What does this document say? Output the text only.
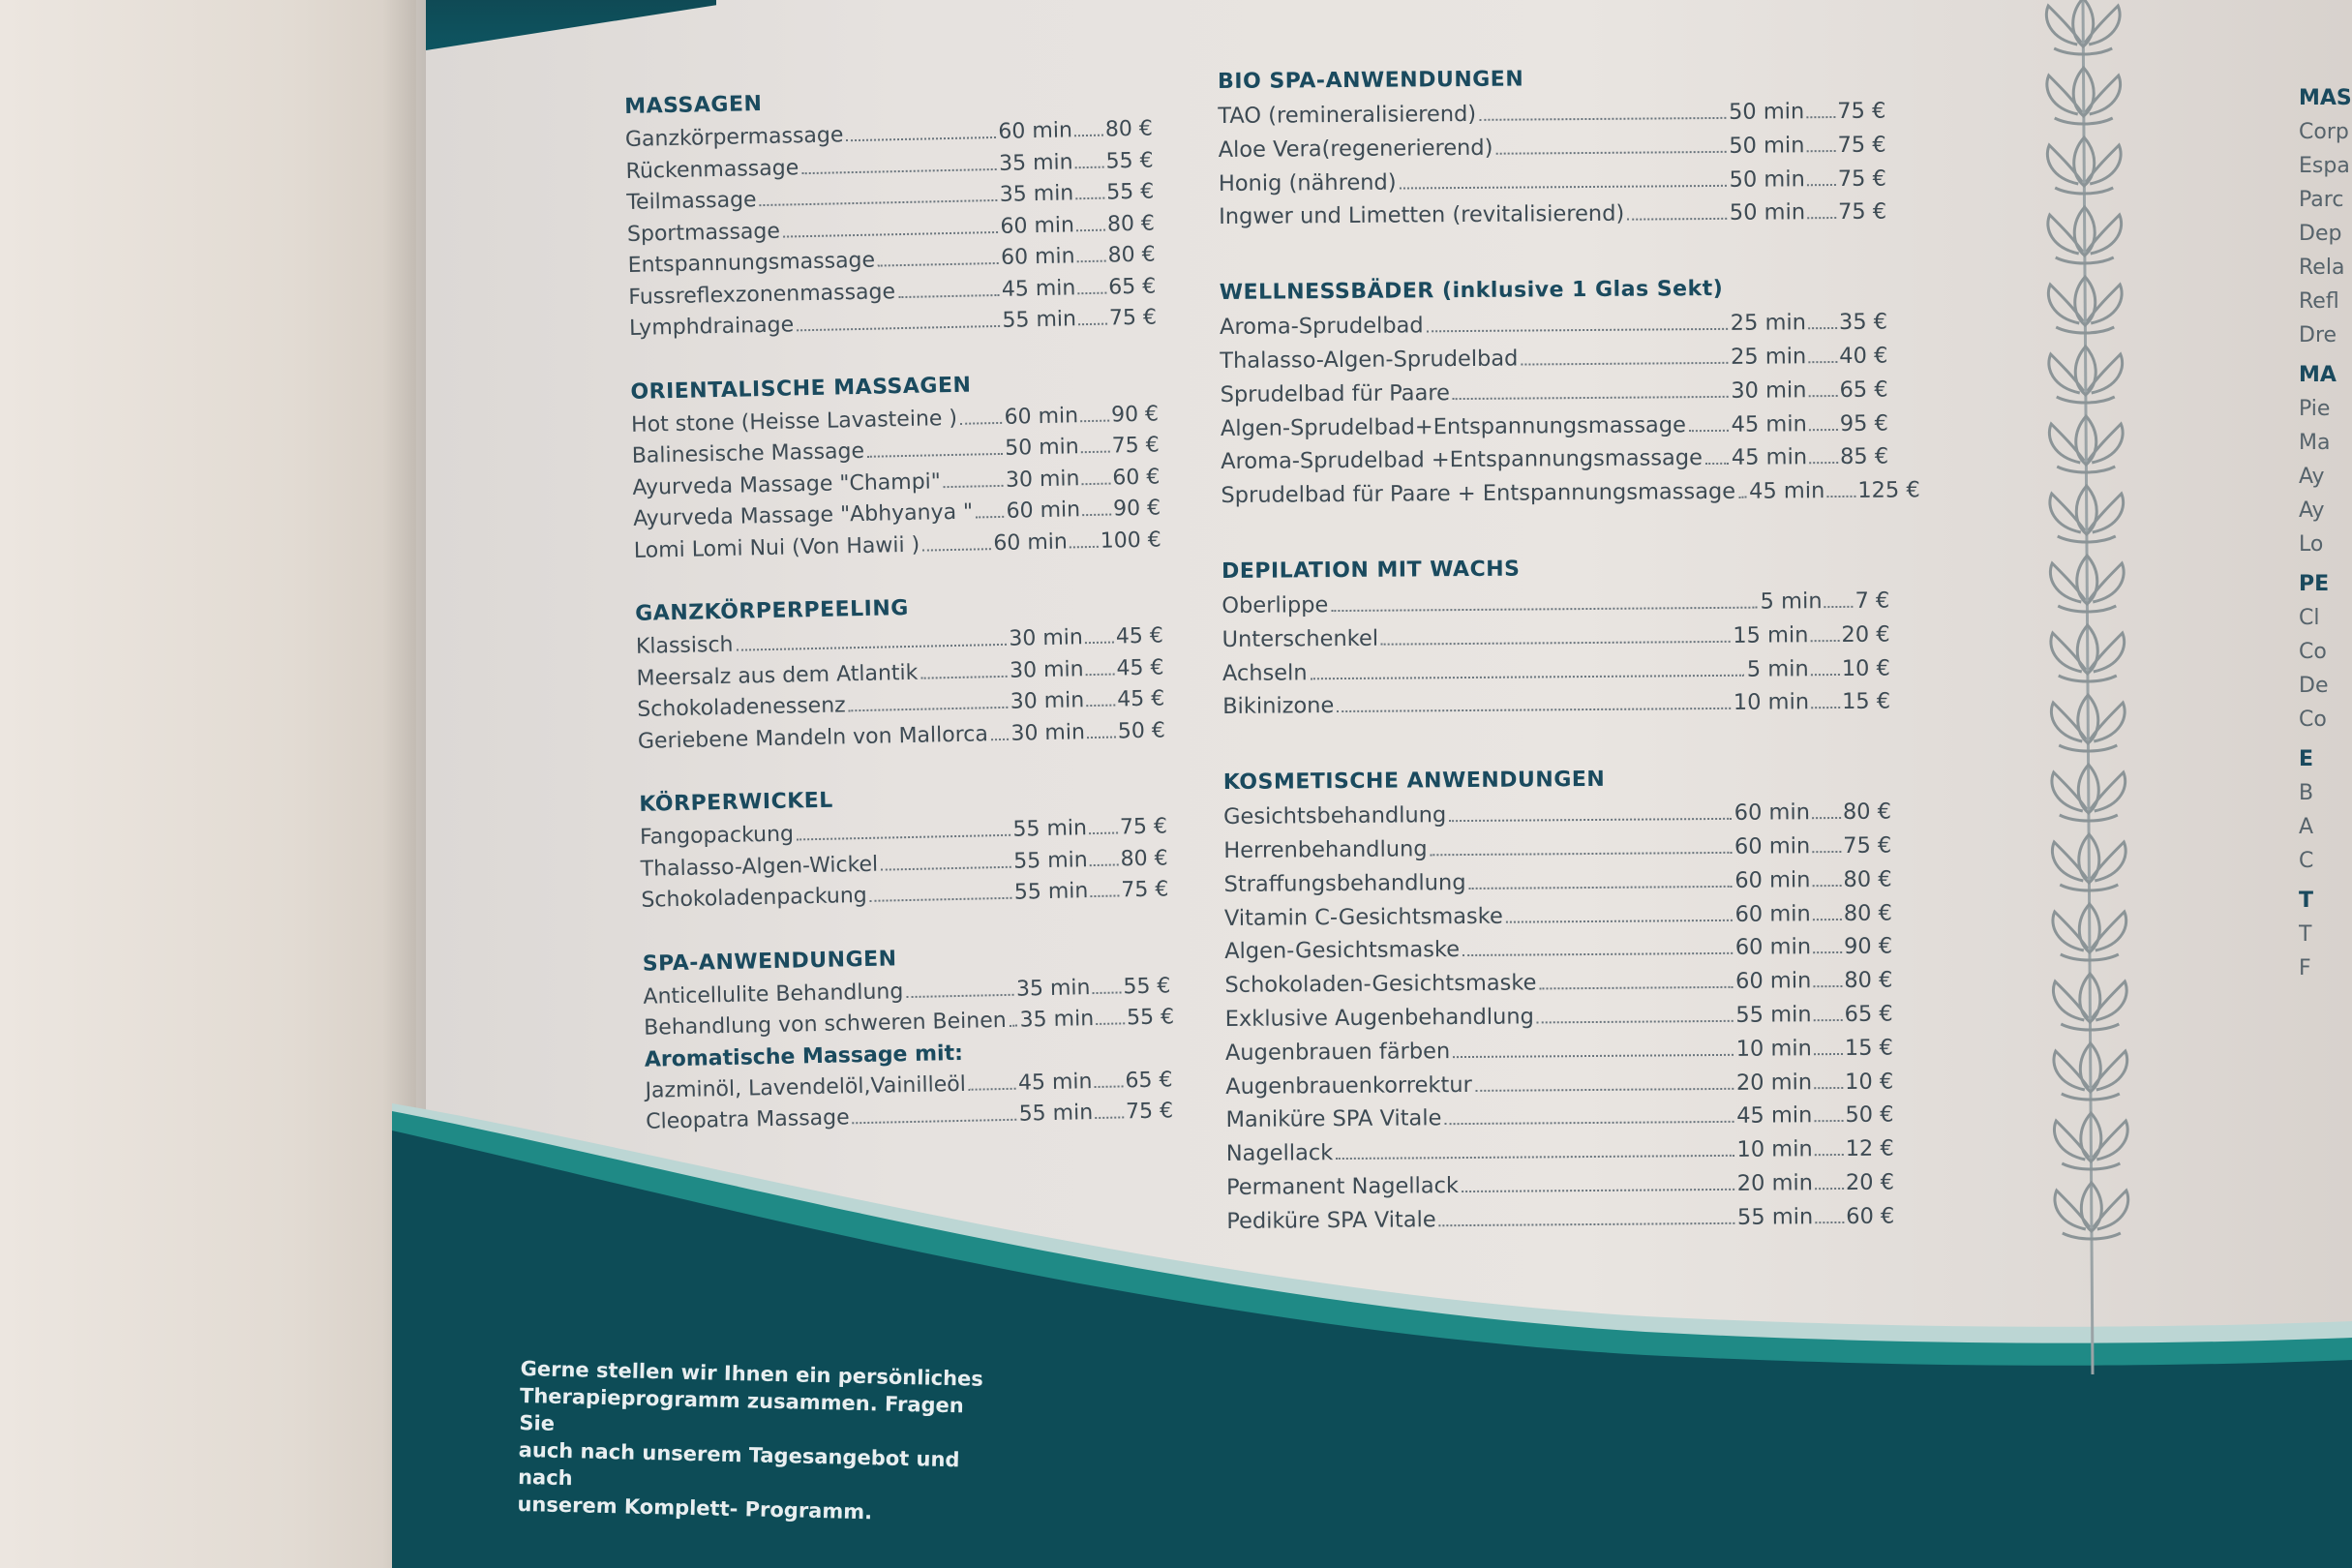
MASSAGEN
Ganzkörpermassage	60 min 80 €
Rückenmassage	35 min 55 €
Teilmassage	35 min 55 €
Sportmassage	60 min 80 €
Entspannungsmassage	60 min 80 €
Fussreflexzonenmassage	45 min 65 €
Lymphdrainage	55 min 75 €
ORIENTALISCHE MASSAGEN
Hot stone (Heisse Lavasteine ) 60 min 90 €
Balinesische Massage	50 min 75 €
Ayurveda Massage "Champi"	30 min 60 €
Ayurveda Massage "Abhyanya " 60 min 90 €
Lomi Lomi Nui (Von Hawii )	60 min 100 €
GANZKÖRPERPEELING
Klassisch	30 min 45 €
Meersalz aus dem Atlantik	30 min 45 €
Schokoladenessenz	30 min 45 €
Geriebene Mandeln von Mallorca 30 min 50 €
KÖRPERWICKEL
Fangopackung	55 min 75 €
Thalasso-Algen-Wickel	55 min 80 €
Schokoladenpackung	55 min 75 €
SPA-ANWENDUNGEN
Anticellulite Behandlung	35 min 55 €
Behandlung von schweren Beinen 35 min 55 €
Aromatische Massage mit:
Jazminöl, Lavendelöl,Vainilleöl 45 min 65 €
Cleopatra Massage	55 min 75 €
BIO SPA-ANWENDUNGEN
TAO (remineralisierend)	50 min 75 €
Aloe Vera(regenerierend)	50 min 75 €
Honig (nährend)	50 min 75 €
Ingwer und Limetten (revitalisierend)	50 min 75 €
WELLNESSBÄDER (inklusive 1 Glas Sekt)
Aroma-Sprudelbad	25 min 35 €
Thalasso-Algen-Sprudelbad	25 min 40 €
Sprudelbad für Paare	30 min 65 €
Algen-Sprudelbad+Entspannungsmassage 45 min 95 €
Aroma-Sprudelbad +Entspannungsmassage 45 min 85 €
Sprudelbad für Paare + Entspannungsmassage 45 min 125 €
DEPILATION MIT WACHS
Oberlippe	5 min 7 €
Unterschenkel	15 min 20 €
Achseln	5 min 10 €
Bikinizone	10 min 15 €
KOSMETISCHE ANWENDUNGEN
Gesichtsbehandlung	60 min 80 €
Herrenbehandlung	60 min 75 €
Straffungsbehandlung	60 min 80 €
Vitamin C-Gesichtsmaske	60 min 80 €
Algen-Gesichtsmaske	60 min 90 €
Schokoladen-Gesichtsmaske	60 min 80 €
Exklusive Augenbehandlung	55 min 65 €
Augenbrauen färben	10 min 15 €
Augenbrauenkorrektur	20 min 10 €
Maniküre SPA Vitale	45 min 50 €
Nagellack	10 min 12 €
Permanent Nagellack	20 min 20 €
Pediküre SPA Vitale	55 min 60 €
MAS
Corp
Espa
Parc
Dep
Rela
Refl
Dre
MA
Pie
Ma
Ay
Ay
Lo
PE
Cl
Co
De
Co
E
B
A
C
T
T
F

Gerne stellen wir Ihnen ein persönliches

Therapieprogramm zusammen. Fragen Sie

auch nach unserem Tagesangebot und nach

unserem Komplett- Programm.
